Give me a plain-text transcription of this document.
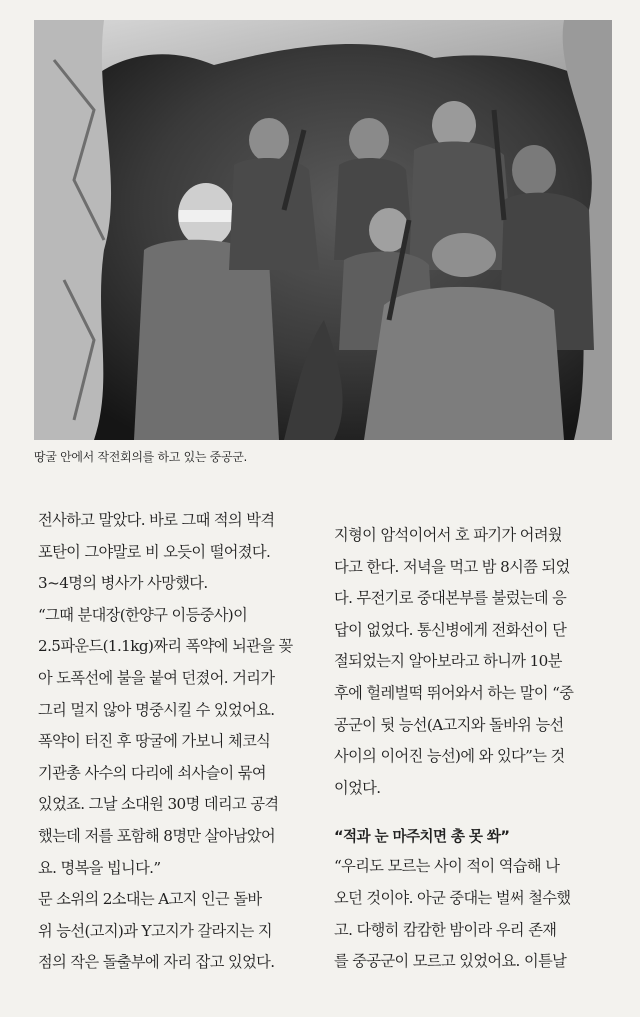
땅굴 안에서 작전회의를 하고 있는 중공군.
전사하고 말았다. 바로 그때 적의 박격
포탄이 그야말로 비 오듯이 떨어졌다.
3~4명의 병사가 사망했다.
“그때 분대장(한양구 이등중사)이
2.5파운드(1.1kg)짜리 폭약에 뇌관을 꽂
아 도폭선에 불을 붙여 던졌어. 거리가
그리 멀지 않아 명중시킬 수 있었어요.
폭약이 터진 후 땅굴에 가보니 체코식
기관총 사수의 다리에 쇠사슬이 묶여
있었죠. 그날 소대원 30명 데리고 공격
했는데 저를 포함해 8명만 살아남았어
요. 명복을 빕니다.”
문 소위의 2소대는 A고지 인근 돌바
위 능선(고지)과 Y고지가 갈라지는 지
점의 작은 돌출부에 자리 잡고 있었다.
지형이 암석이어서 호 파기가 어려웠
다고 한다. 저녁을 먹고 밤 8시쯤 되었
다. 무전기로 중대본부를 불렀는데 응
답이 없었다. 통신병에게 전화선이 단
절되었는지 알아보라고 하니까 10분
후에 헐레벌떡 뛰어와서 하는 말이 “중
공군이 뒷 능선(A고지와 돌바위 능선
사이의 이어진 능선)에 와 있다”는 것
이었다.
“적과 눈 마주치면 총 못 쏴”
“우리도 모르는 사이 적이 역습해 나
오던 것이야. 아군 중대는 벌써 철수했
고. 다행히 캄캄한 밤이라 우리 존재
를 중공군이 모르고 있었어요. 이튿날
